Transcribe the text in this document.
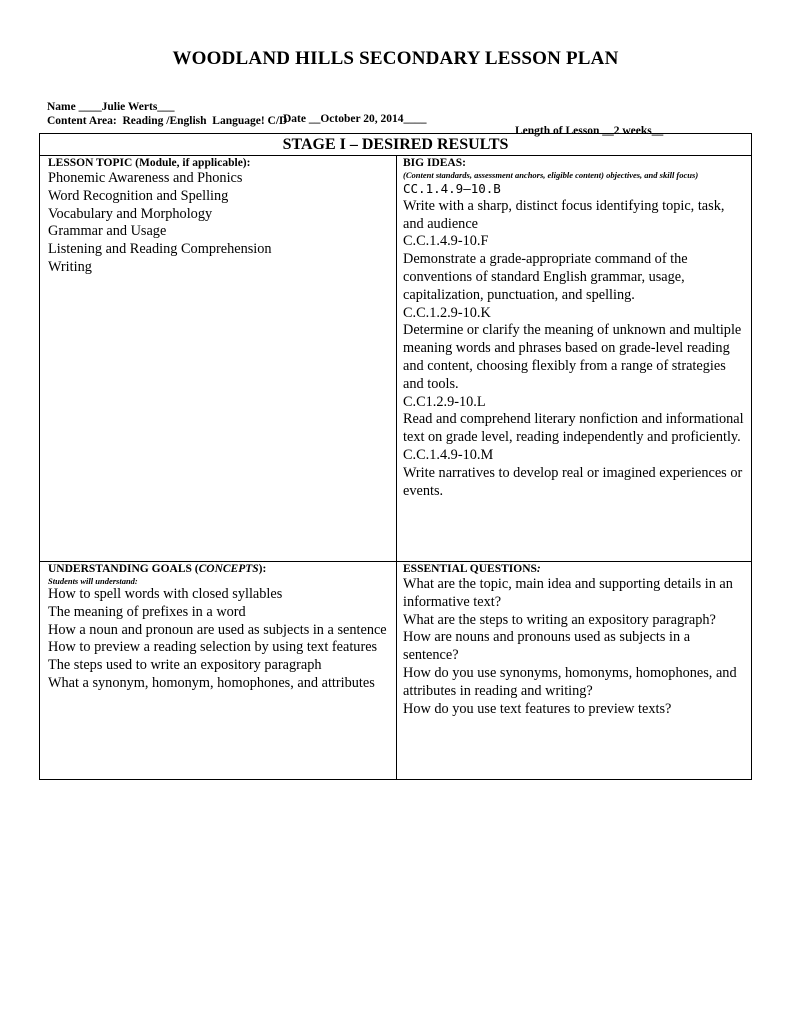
WOODLAND HILLS SECONDARY LESSON PLAN

Name ____Julie Werts___

Date __October 20, 2014____

Length of Lesson __2 weeks__

Content Area:  Reading /English  Language! C/D

STAGE I – DESIRED RESULTS
LESSON TOPIC (Module, if applicable):
Phonemic Awareness and Phonics
Word Recognition and Spelling
Vocabulary and Morphology
Grammar and Usage
Listening and Reading Comprehension
Writing
BIG IDEAS:
(Content standards, assessment anchors, eligible content) objectives, and skill focus)
CC.1.4.9–10.B
Write with a sharp, distinct focus identifying topic, task, and audience
C.C.1.4.9-10.F
Demonstrate a grade-appropriate command of the conventions of standard English grammar, usage, capitalization, punctuation, and spelling.
C.C.1.2.9-10.K
Determine or clarify the meaning of unknown and multiple meaning words and phrases based on grade-level reading and content, choosing flexibly from a range of strategies and tools.
C.C1.2.9-10.L
Read and comprehend literary nonfiction and informational text on grade level, reading independently and proficiently.
C.C.1.4.9-10.M
Write narratives to develop real or imagined experiences or events.
UNDERSTANDING GOALS (CONCEPTS):
Students will understand:
How to spell words with closed syllables
The meaning of prefixes in a word
How a noun and pronoun are used as subjects in a sentence
How to preview a reading selection by using text features
The steps used to write an expository paragraph
What a synonym, homonym, homophones, and attributes
ESSENTIAL QUESTIONS:
What are the topic, main idea and supporting details in an informative text?
What are the steps to writing an expository paragraph?
How are nouns and pronouns used as subjects in a sentence?
How do you use synonyms, homonyms, homophones, and attributes in reading and writing?
How do you use text features to preview texts?
